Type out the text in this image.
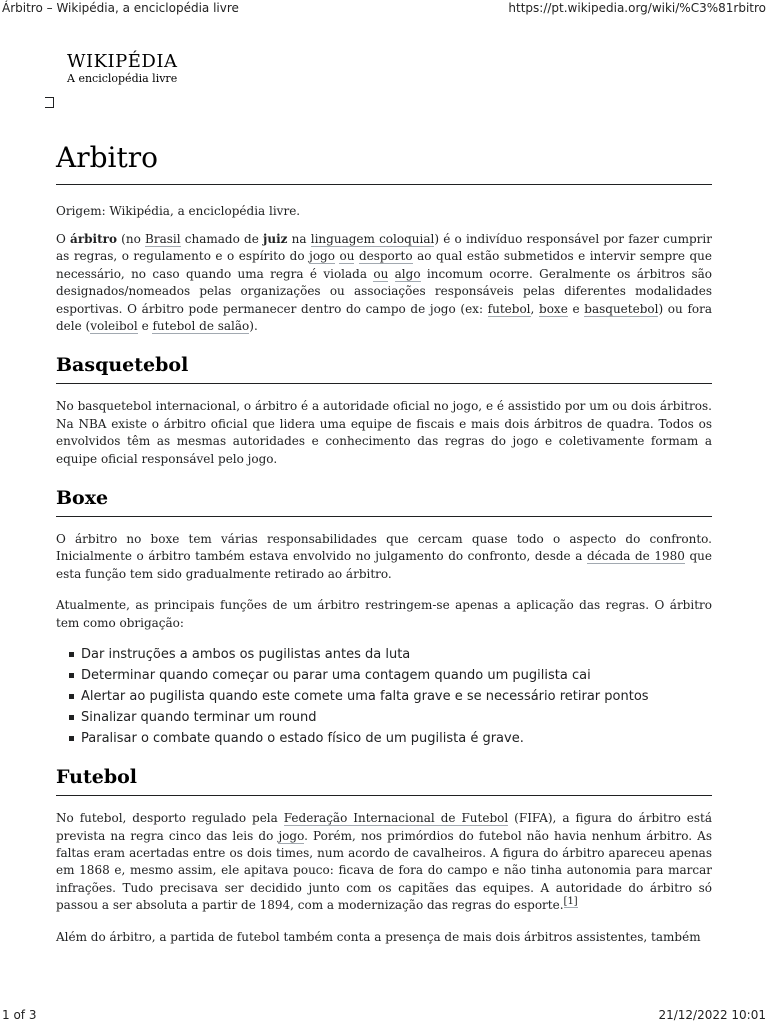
Árbitro – Wikipédia, a enciclopédia livre	https://pt.wikipedia.org/wiki/%C3%81rbitro
WIKIPÉDIA
A enciclopédia livre
Arbitro
Origem: Wikipédia, a enciclopédia livre.

O árbitro (no Brasil chamado de juiz na linguagem coloquial) é o indivíduo responsável por fazer cumprir as regras, o regulamento e o espírito do jogo ou desporto ao qual estão submetidos e intervir sempre que necessário, no caso quando uma regra é violada ou algo incomum ocorre. Geralmente os árbitros são designados/nomeados pelas organizações ou associações responsáveis pelas diferentes modalidades esportivas. O árbitro pode permanecer dentro do campo de jogo (ex: futebol, boxe e basquetebol) ou fora dele (voleibol e futebol de salão).

Basquetebol

No basquetebol internacional, o árbitro é a autoridade oficial no jogo, e é assistido por um ou dois árbitros. Na NBA existe o árbitro oficial que lidera uma equipe de fiscais e mais dois árbitros de quadra. Todos os envolvidos têm as mesmas autoridades e conhecimento das regras do jogo e coletivamente formam a equipe oficial responsável pelo jogo.

Boxe

O árbitro no boxe tem várias responsabilidades que cercam quase todo o aspecto do confronto. Inicialmente o árbitro também estava envolvido no julgamento do confronto, desde a década de 1980 que esta função tem sido gradualmente retirado ao árbitro.

Atualmente, as principais funções de um árbitro restringem-se apenas a aplicação das regras. O árbitro tem como obrigação:

Dar instruções a ambos os pugilistas antes da luta
Determinar quando começar ou parar uma contagem quando um pugilista cai
Alertar ao pugilista quando este comete uma falta grave e se necessário retirar pontos
Sinalizar quando terminar um round
Paralisar o combate quando o estado físico de um pugilista é grave.
Futebol

No futebol, desporto regulado pela Federação Internacional de Futebol (FIFA), a figura do árbitro está prevista na regra cinco das leis do jogo. Porém, nos primórdios do futebol não havia nenhum árbitro. As faltas eram acertadas entre os dois times, num acordo de cavalheiros. A figura do árbitro apareceu apenas em 1868 e, mesmo assim, ele apitava pouco: ficava de fora do campo e não tinha autonomia para marcar infrações. Tudo precisava ser decidido junto com os capitães das equipes. A autoridade do árbitro só passou a ser absoluta a partir de 1894, com a modernização das regras do esporte.[1]

Além do árbitro, a partida de futebol também conta a presença de mais dois árbitros assistentes, também

1 of 3	21/12/2022 10:01
